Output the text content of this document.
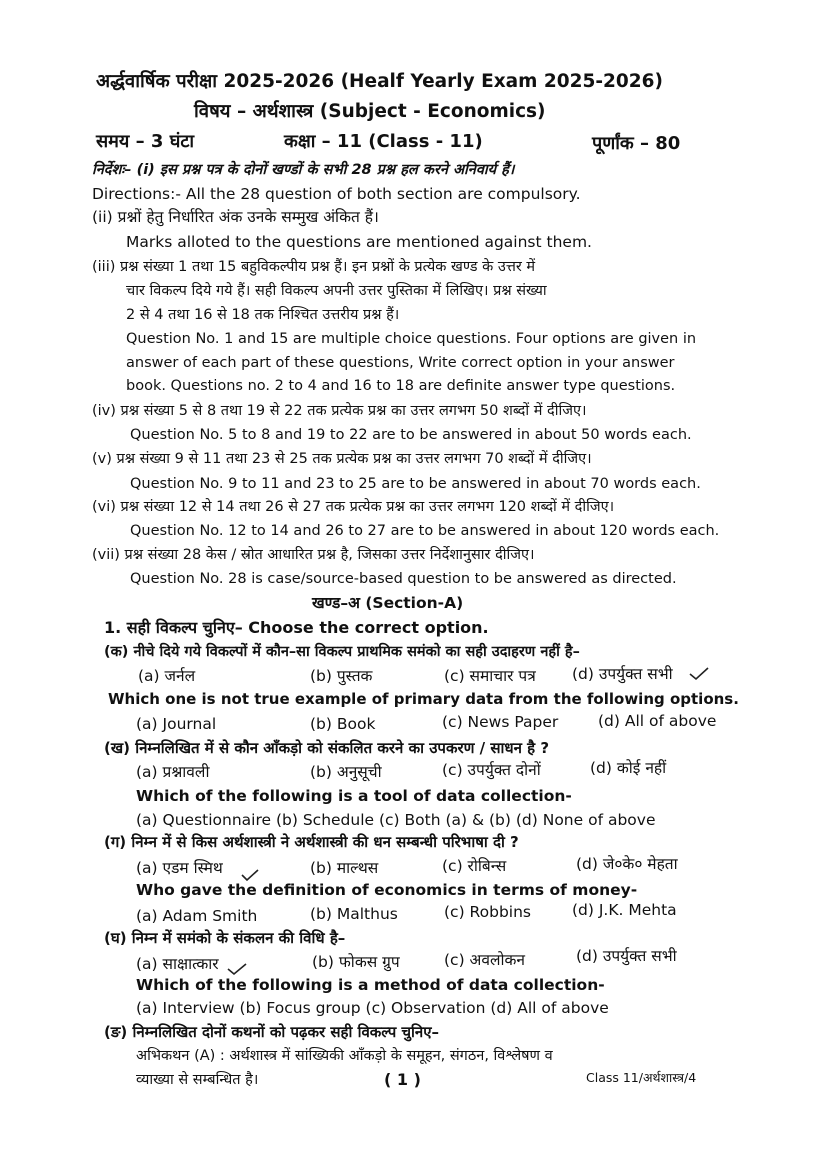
अर्द्धवार्षिक परीक्षा 2025-2026 (Healf Yearly Exam 2025-2026)
विषय – अर्थशास्त्र (Subject - Economics)
समय – 3 घंटा	कक्षा – 11 (Class - 11)	पूर्णांक – 80
निर्देशः– (i) इस प्रश्न पत्र के दोनों खण्डों के सभी 28 प्रश्न हल करने अनिवार्य हैं।
Directions:- All the 28 question of both section are compulsory.
(ii) प्रश्नों हेतु निर्धारित अंक उनके सम्मुख अंकित हैं।
Marks alloted to the questions are mentioned against them.
(iii) प्रश्न संख्या 1 तथा 15 बहुविकल्पीय प्रश्न हैं। इन प्रश्नों के प्रत्येक खण्ड के उत्तर में
चार विकल्प दिये गये हैं। सही विकल्प अपनी उत्तर पुस्तिका में लिखिए। प्रश्न संख्या
2 से 4 तथा 16 से 18 तक निश्चित उत्तरीय प्रश्न हैं।
Question No. 1 and 15 are multiple choice questions. Four options are given in
answer of each part of these questions, Write correct option in your answer
book. Questions no. 2 to 4 and 16 to 18 are definite answer type questions.
(iv) प्रश्न संख्या 5 से 8 तथा 19 से 22 तक प्रत्येक प्रश्न का उत्तर लगभग 50 शब्दों में दीजिए।
Question No. 5 to 8 and 19 to 22 are to be answered in about 50 words each.
(v) प्रश्न संख्या 9 से 11 तथा 23 से 25 तक प्रत्येक प्रश्न का उत्तर लगभग 70 शब्दों में दीजिए।
Question No. 9 to 11 and 23 to 25 are to be answered in about 70 words each.
(vi) प्रश्न संख्या 12 से 14 तथा 26 से 27 तक प्रत्येक प्रश्न का उत्तर लगभग 120 शब्दों में दीजिए।
Question No. 12 to 14 and 26 to 27 are to be answered in about 120 words each.
(vii) प्रश्न संख्या 28 केस / स्रोत आधारित प्रश्न है, जिसका उत्तर निर्देशानुसार दीजिए।
Question No. 28 is case/source-based question to be answered as directed.
खण्ड–अ (Section-A)
1. सही विकल्प चुनिए– Choose the correct option.
(क) नीचे दिये गये विकल्पों में कौन–सा विकल्प प्राथमिक समंको का सही उदाहरण नहीं है–
(a) जर्नल	(b) पुस्तक	(c) समाचार पत्र (d) उपर्युक्त सभी
Which one is not true example of primary data from the following options.
(a) Journal	(b) Book	(c) News Paper	(d) All of above
(ख) निम्नलिखित में से कौन आँकड़ो को संकलित करने का उपकरण / साधन है ?
(a) प्रश्नावली	(b) अनुसूची	(c) उपर्युक्त दोनों	(d) कोई नहीं
Which of the following is a tool of data collection-
(a) Questionnaire (b) Schedule (c) Both (a) & (b) (d) None of above
(ग) निम्न में से किस अर्थशास्त्री ने अर्थशास्त्री की धन सम्बन्धी परिभाषा दी ?
(a) एडम स्मिथ	(b) माल्थस	(c) रोबिन्स	(d) जे०के० मेहता
Who gave the definition of economics in terms of money-
(a) Adam Smith	(b) Malthus	(c) Robbins	(d) J.K. Mehta
(घ) निम्न में समंको के संकलन की विधि है–
(a) साक्षात्कार	(b) फोकस ग्रुप	(c) अवलोकन	(d) उपर्युक्त सभी
Which of the following is a method of data collection-
(a) Interview (b) Focus group (c) Observation (d) All of above
(ङ) निम्नलिखित दोनों कथनों को पढ़कर सही विकल्प चुनिए–
अभिकथन (A) : अर्थशास्त्र में सांख्यिकी आँकड़ो के समूहन, संगठन, विश्लेषण व
व्याख्या से सम्बन्धित है।	( 1 )	Class 11/अर्थशास्त्र/4
